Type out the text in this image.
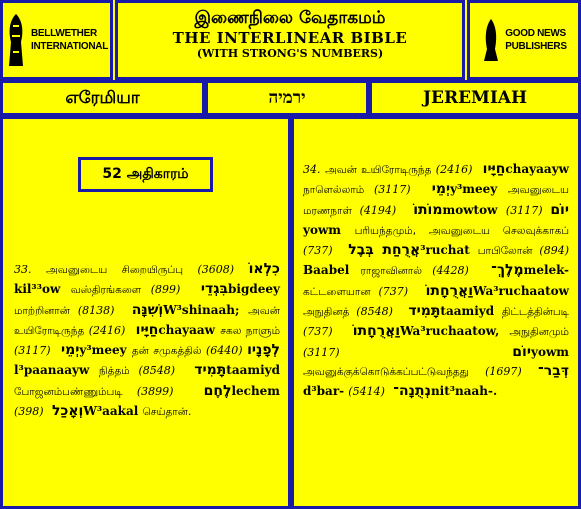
BELLWETHER
INTERNATIONAL
இணைநிலை வேதாகமம்
THE INTERLINEAR BIBLE
(WITH STRONG'S NUMBERS)
GOOD NEWS
PUBLISHERS
எரேமியா	ירמיה	JEREMIAH
52 அதிகாரம்
33. அவனுடைய சிறையிருப்பு (3608) כִלְאוֹ kil³³ow வஸ்திரங்களை (899) בִּגְדֵי bigdeey மாற்றினான் (8138) וְשִׁנָּה W³shinaah; அவன் உயிரோடிருந்த (2416) חַיָּיו chayaaw சகல நாளும் (3117) יְמֵי y³meey தன் சமுகத்தில் (6440) לְפָנָיו l³paanaayw நித்தம் (8548) תָּמִיד taamiyd போஜனம்பண்ணும்படி (3899) לֶחֶם lechem (398) וְאָכַל W³aakal செய்தான்.
34. அவன் உயிரோடிருந்த (2416) חַיָּיו chayaayw நாளெல்லாம் (3117) יְמֵי y³meey அவனுடைய மரணநாள் (4194) מוֹתוֹ mowtow (3117) יוֹם yowm பரியந்தமும், அவனுடைய செலவுக்காகப் (737) בְּבֶל אֲרֻחַת ³ruchat பாபிலோன் (894) Baabel ராஜாவினால் (4428) מֶלֶךְ־ melek- கட்டளையான (737) וַאֲרֻחָתוֹ Wa³ruchaatow அநுதினத் (8548) תָּמִיד taamiyd திட்டத்தின்படி (737) וַאֲרֻחָתוֹ Wa³ruchaatow, அநுதினமும் (3117) יוֹם yowm அவனுக்குக்கொடுக்கப்பட்டுவந்தது (1697) דְּבַר־ d³bar- (5414) נְתֻנָה־ nit³naah-.
